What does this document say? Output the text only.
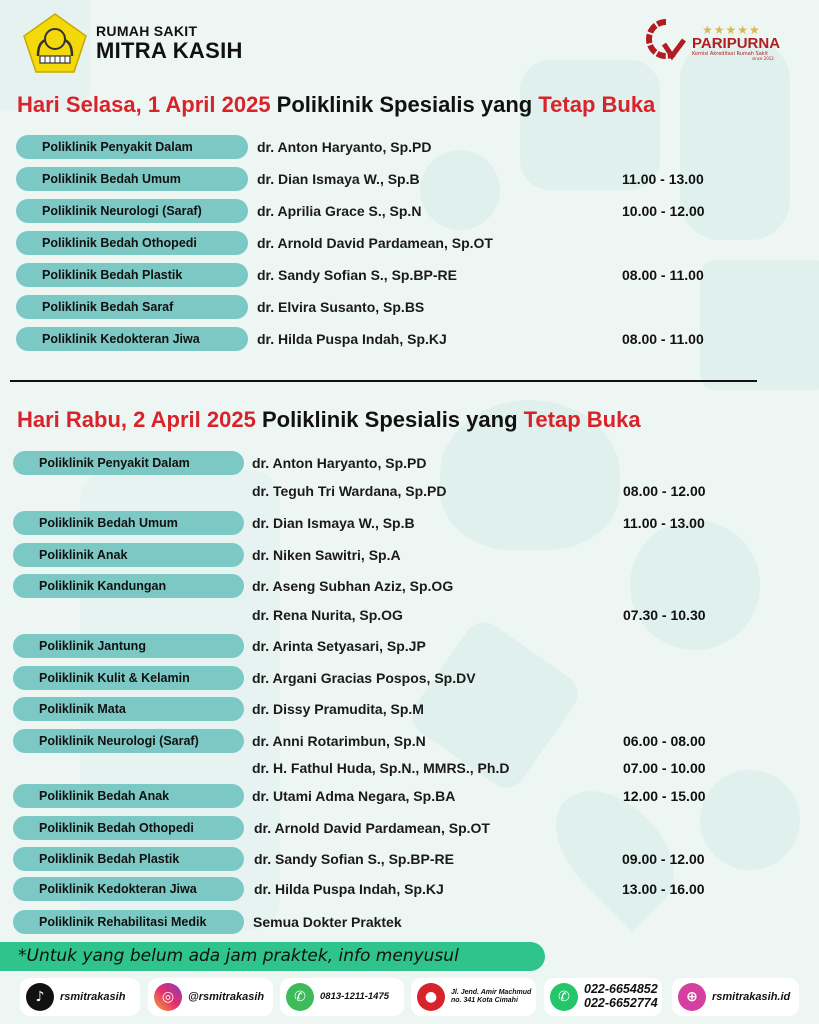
RUMAH SAKIT
MITRA KASIH
★★★★★
PARIPURNA
Komisi Akreditasi Rumah Sakit
since 2012
Hari Selasa, 1 April 2025 Poliklinik Spesialis yang Tetap Buka
Poliklinik Penyakit Dalam	dr. Anton Haryanto, Sp.PD
Poliklinik Bedah Umum	dr. Dian Ismaya W., Sp.B	11.00 - 13.00
Poliklinik Neurologi (Saraf)	dr. Aprilia Grace S., Sp.N	10.00 - 12.00
Poliklinik Bedah Othopedi	dr. Arnold David Pardamean, Sp.OT
Poliklinik Bedah Plastik	dr. Sandy Sofian S., Sp.BP-RE	08.00 - 11.00
Poliklinik Bedah Saraf	dr. Elvira Susanto, Sp.BS
Poliklinik Kedokteran Jiwa	dr. Hilda Puspa Indah, Sp.KJ	08.00 - 11.00
Hari Rabu, 2 April 2025 Poliklinik Spesialis yang Tetap Buka
Poliklinik Penyakit Dalam	dr. Anton Haryanto, Sp.PD
dr. Teguh Tri Wardana, Sp.PD	08.00 - 12.00
Poliklinik Bedah Umum	dr. Dian Ismaya W., Sp.B	11.00 - 13.00
Poliklinik Anak	dr. Niken Sawitri, Sp.A
Poliklinik Kandungan	dr. Aseng Subhan Aziz, Sp.OG
dr. Rena Nurita, Sp.OG	07.30 - 10.30
Poliklinik Jantung	dr. Arinta Setyasari, Sp.JP
Poliklinik Kulit & Kelamin	dr. Argani Gracias Pospos, Sp.DV
Poliklinik Mata	dr. Dissy Pramudita, Sp.M
Poliklinik Neurologi (Saraf)	dr. Anni Rotarimbun, Sp.N	06.00 - 08.00
dr. H. Fathul Huda, Sp.N., MMRS., Ph.D	07.00 - 10.00
Poliklinik Bedah Anak	dr. Utami Adma Negara, Sp.BA	12.00 - 15.00
Poliklinik Bedah Othopedi	dr. Arnold David Pardamean, Sp.OT
Poliklinik Bedah Plastik	dr. Sandy Sofian S., Sp.BP-RE	09.00 - 12.00
Poliklinik Kedokteran Jiwa	dr. Hilda Puspa Indah, Sp.KJ	13.00 - 16.00
Poliklinik Rehabilitasi Medik	Semua Dokter Praktek
*Untuk yang belum ada jam praktek, info menyusul
♪	rsmitrakasih	◎	@rsmitrakasih	✆	0813-1211-1475	●	Jl. Jend. Amir Machmud
no. 341 Kota Cimahi	✆	022-6654852
022-6652774	⊕	rsmitrakasih.id
